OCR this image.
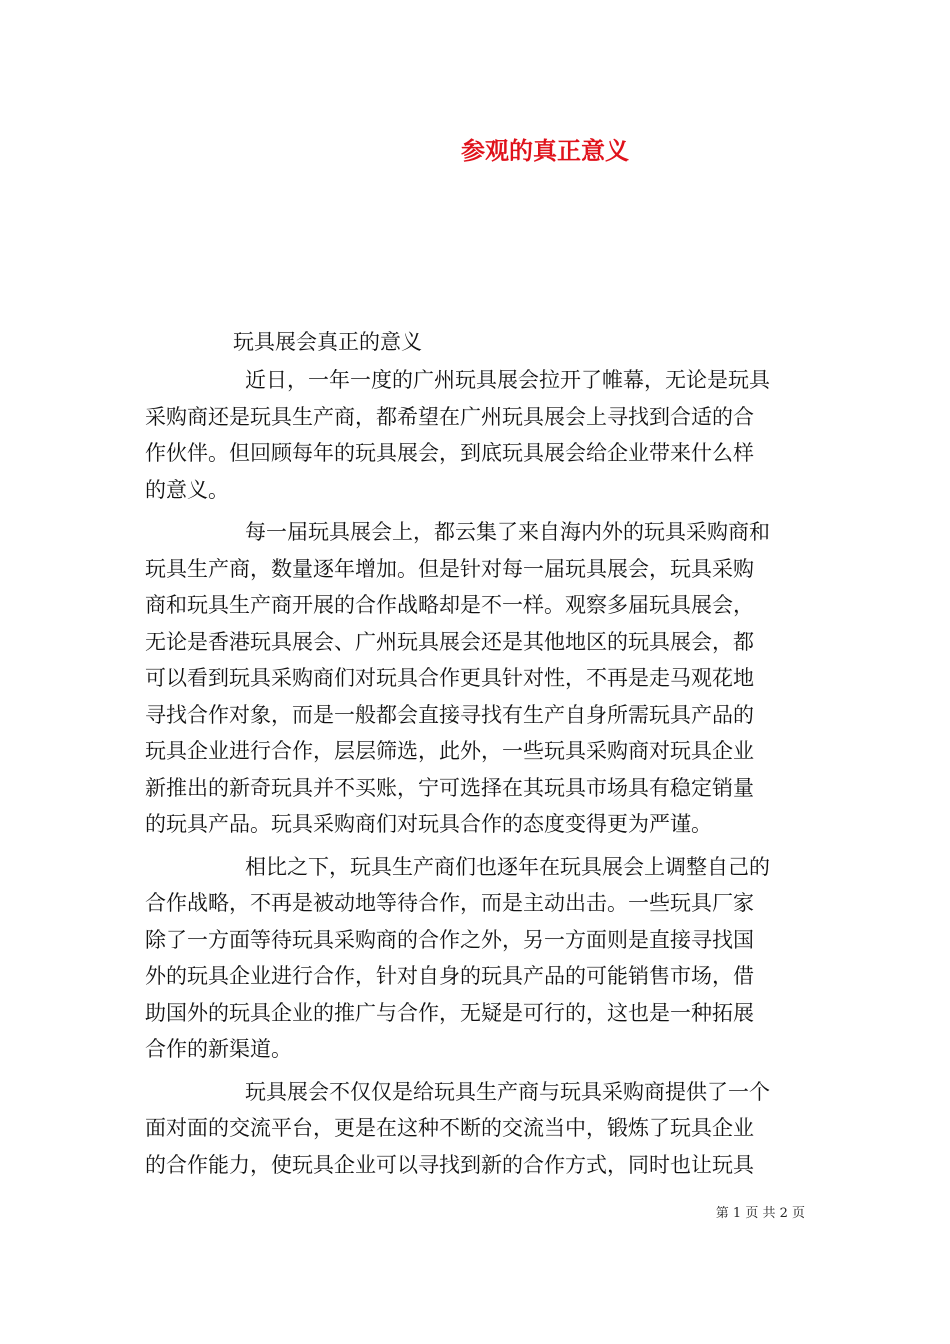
参观的真正意义
玩具展会真正的意义

近日，一年一度的广州玩具展会拉开了帷幕，无论是玩具
采购商还是玩具生产商，都希望在广州玩具展会上寻找到合适的合
作伙伴。但回顾每年的玩具展会，到底玩具展会给企业带来什么样
的意义。

每一届玩具展会上，都云集了来自海内外的玩具采购商和
玩具生产商，数量逐年增加。但是针对每一届玩具展会，玩具采购
商和玩具生产商开展的合作战略却是不一样。观察多届玩具展会，
无论是香港玩具展会、广州玩具展会还是其他地区的玩具展会，都
可以看到玩具采购商们对玩具合作更具针对性，不再是走马观花地
寻找合作对象，而是一般都会直接寻找有生产自身所需玩具产品的
玩具企业进行合作，层层筛选，此外，一些玩具采购商对玩具企业
新推出的新奇玩具并不买账，宁可选择在其玩具市场具有稳定销量
的玩具产品。玩具采购商们对玩具合作的态度变得更为严谨。

相比之下，玩具生产商们也逐年在玩具展会上调整自己的
合作战略，不再是被动地等待合作，而是主动出击。一些玩具厂家
除了一方面等待玩具采购商的合作之外，另一方面则是直接寻找国
外的玩具企业进行合作，针对自身的玩具产品的可能销售市场，借
助国外的玩具企业的推广与合作，无疑是可行的，这也是一种拓展
合作的新渠道。

玩具展会不仅仅是给玩具生产商与玩具采购商提供了一个
面对面的交流平台，更是在这种不断的交流当中，锻炼了玩具企业
的合作能力，使玩具企业可以寻找到新的合作方式，同时也让玩具

第 1 页 共 2 页
